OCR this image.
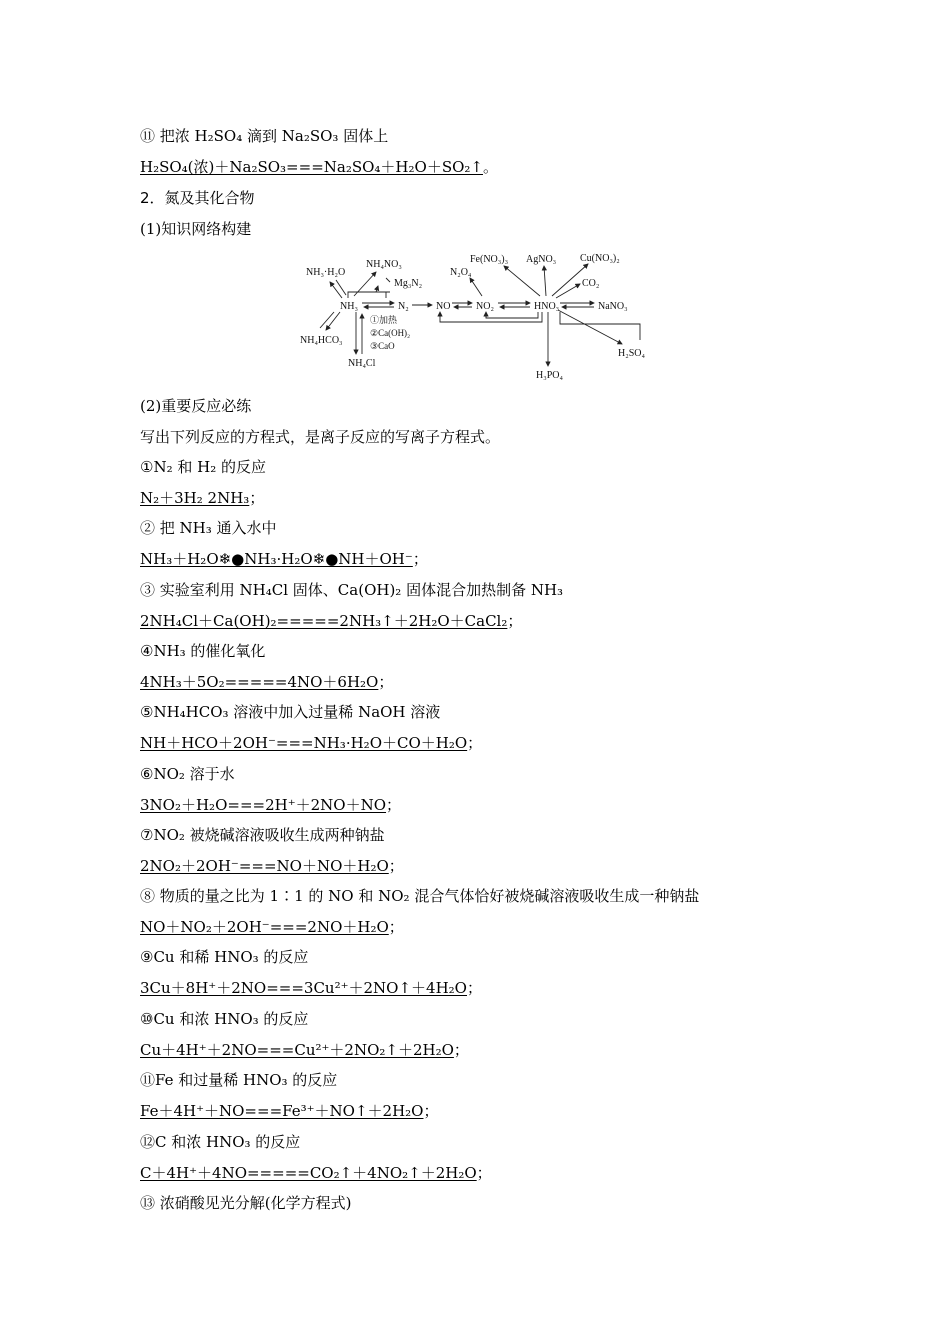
⑪ 把浓 H₂SO₄ 滴到 Na₂SO₃ 固体上
H₂SO₄(浓)＋Na₂SO₃===Na₂SO₄＋H₂O＋SO₂↑。
2．氮及其化合物
(1)知识网络构建
NH₃·H₂O
NH₄NO₃
Mg₃N₂
NH₃	N₂	NO
N₂O₄
NO₂	HNO₃	NaNO₃
Fe(NO₃)₃ AgNO₃ Cu(NO₃)₂
CO₂
H₂SO₄
H₃PO₄
NH₄HCO₃
NH₄Cl
①加热
②Ca(OH)₂
③CaO
(2)重要反应必练
写出下列反应的方程式，是离子反应的写离子方程式。
①N₂ 和 H₂ 的反应
N₂＋3H₂ 2NH₃；
② 把 NH₃ 通入水中
NH₃＋H₂O❄●NH₃·H₂O❄●NH＋OH⁻；
③ 实验室利用 NH₄Cl 固体、Ca(OH)₂ 固体混合加热制备 NH₃
2NH₄Cl＋Ca(OH)₂=====2NH₃↑＋2H₂O＋CaCl₂；
④NH₃ 的催化氧化
4NH₃＋5O₂=====4NO＋6H₂O；
⑤NH₄HCO₃ 溶液中加入过量稀 NaOH 溶液
NH＋HCO＋2OH⁻===NH₃·H₂O＋CO＋H₂O；
⑥NO₂ 溶于水
3NO₂＋H₂O===2H⁺＋2NO＋NO；
⑦NO₂ 被烧碱溶液吸收生成两种钠盐
2NO₂＋2OH⁻===NO＋NO＋H₂O；
⑧ 物质的量之比为 1∶1 的 NO 和 NO₂ 混合气体恰好被烧碱溶液吸收生成一种钠盐
NO＋NO₂＋2OH⁻===2NO＋H₂O；
⑨Cu 和稀 HNO₃ 的反应
3Cu＋8H⁺＋2NO===3Cu²⁺＋2NO↑＋4H₂O；
⑩Cu 和浓 HNO₃ 的反应
Cu＋4H⁺＋2NO===Cu²⁺＋2NO₂↑＋2H₂O；
⑪Fe 和过量稀 HNO₃ 的反应
Fe＋4H⁺＋NO===Fe³⁺＋NO↑＋2H₂O；
⑫C 和浓 HNO₃ 的反应
C＋4H⁺＋4NO=====CO₂↑＋4NO₂↑＋2H₂O；
⑬ 浓硝酸见光分解(化学方程式)
